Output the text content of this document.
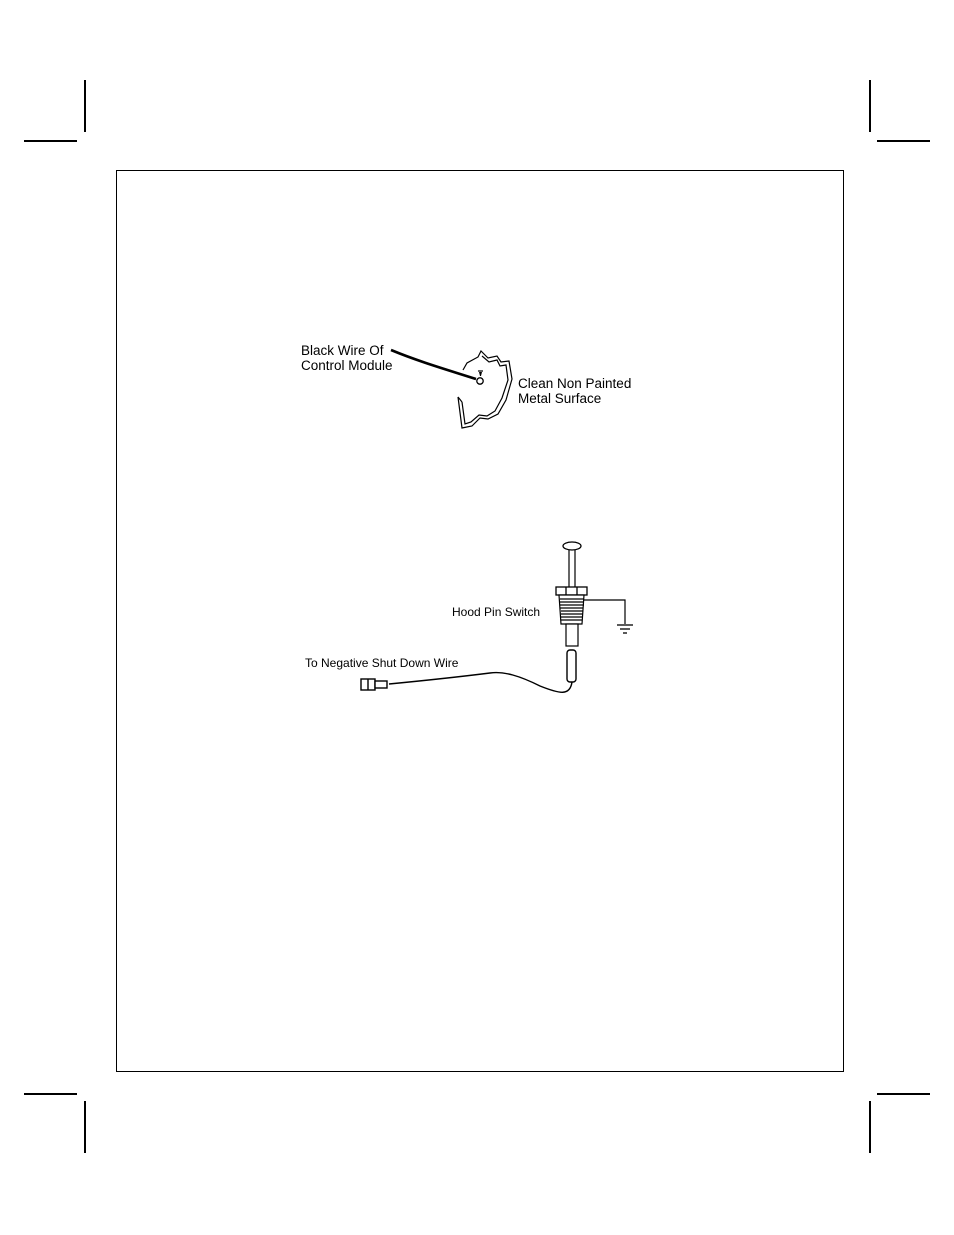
Black Wire Of
Control Module
Clean Non Painted
Metal Surface
Hood Pin Switch
To Negative Shut Down Wire
